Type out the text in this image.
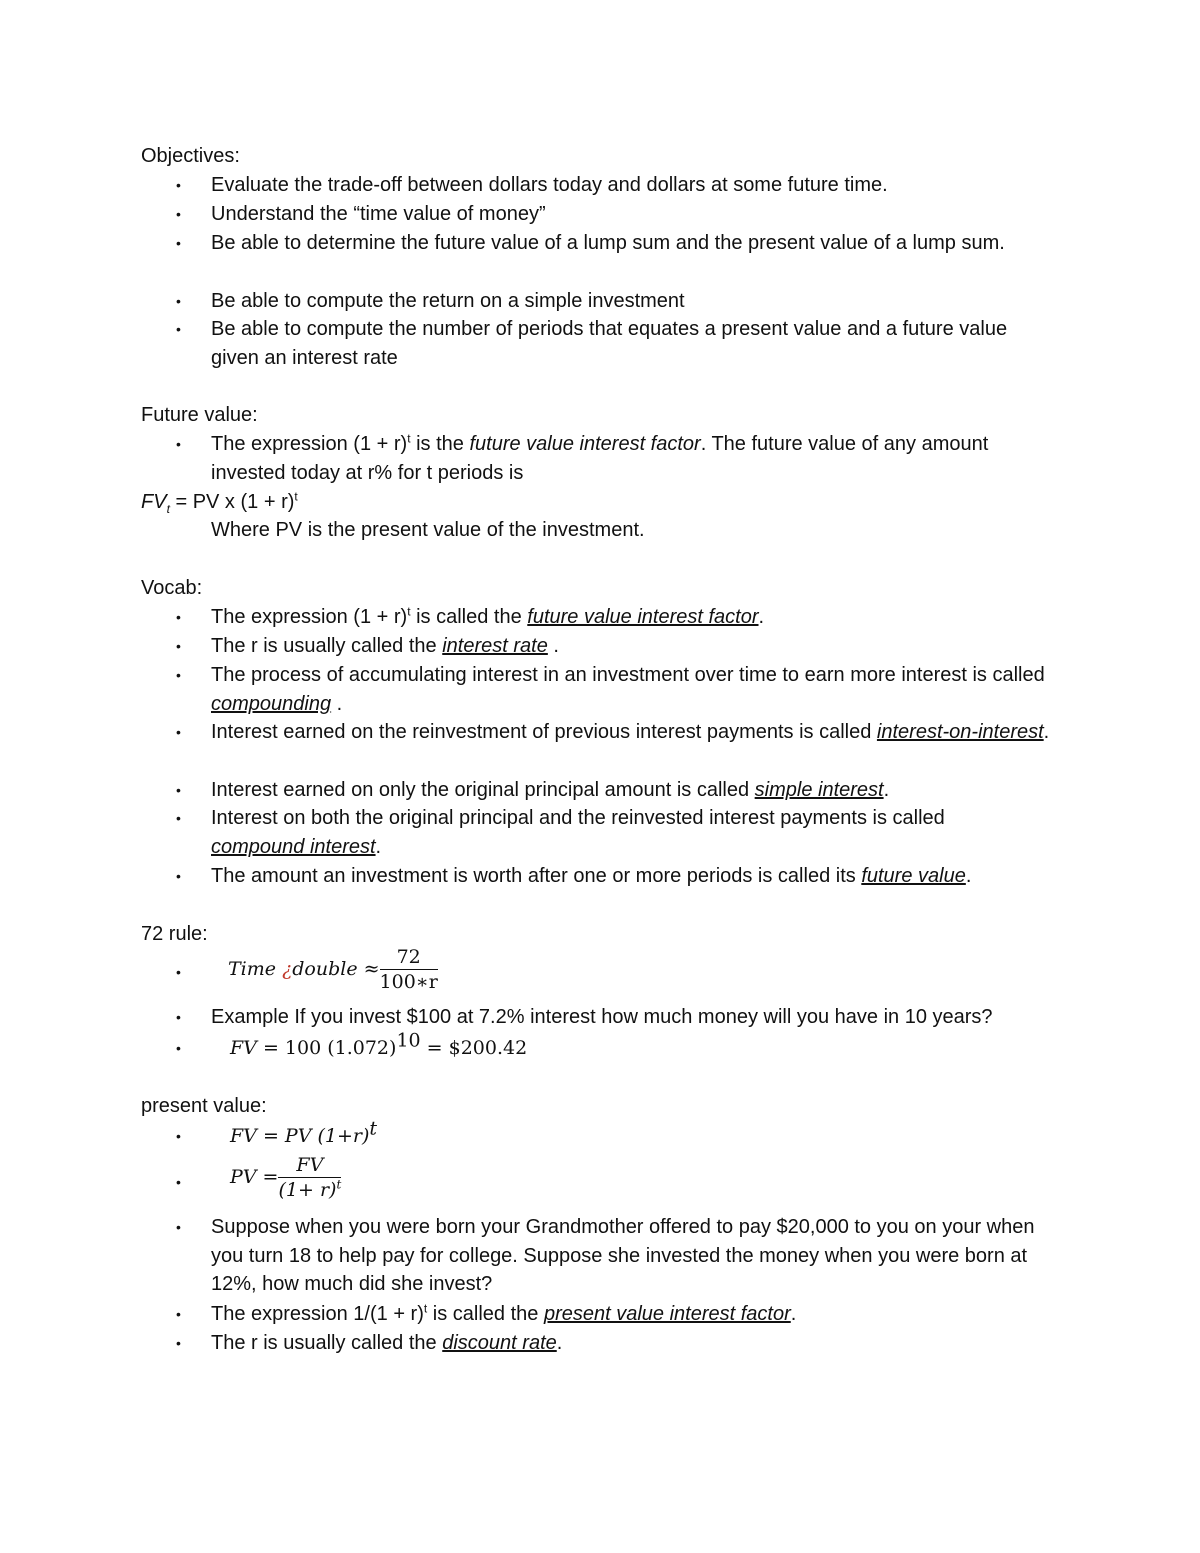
Objectives:
• Evaluate the trade-off between dollars today and dollars at some future time.
• Understand the “time value of money”
• Be able to determine the future value of a lump sum and the present value of a lump sum.
• Be able to compute the return on a simple investment
• Be able to compute the number of periods that equates a present value and a future value given an interest rate
Future value:
• The expression $(1 + r)^t$ is the future value interest factor. The future value of any amount invested today at r% for t periods is
$FV_t$ = PV x $(1 + r)^t$
Where PV is the present value of the investment.
Vocab:
• The expression $(1 + r)^t$ is called the future value interest factor.
• The r is usually called the interest rate .
• The process of accumulating interest in an investment over time to earn more interest is called compounding .
• Interest earned on the reinvestment of previous interest payments is called interest-on-interest.
• Interest earned on only the original principal amount is called simple interest.
• Interest on both the original principal and the reinvested interest payments is called compound interest.
• The amount an investment is worth after one or more periods is called its future value.
72 rule:
• Time ¿double ≈ $\frac{72}{100∗r}$
• Example If you invest $100 at 7.2% interest how much money will you have in 10 years?
•	FV = 100 $(1.072)^{10}$ = $200.42
present value:
•	FV = PV $(1+r)^t$
•	PV = $\frac{FV}{(1+ r)^t}$
• Suppose when you were born your Grandmother offered to pay $20,000 to you on your when you turn 18 to help pay for college. Suppose she invested the money when you were born at 12%, how much did she invest?
• The expression $1/(1 + r)^t$ is called the present value interest factor.
• The r is usually called the discount rate.
